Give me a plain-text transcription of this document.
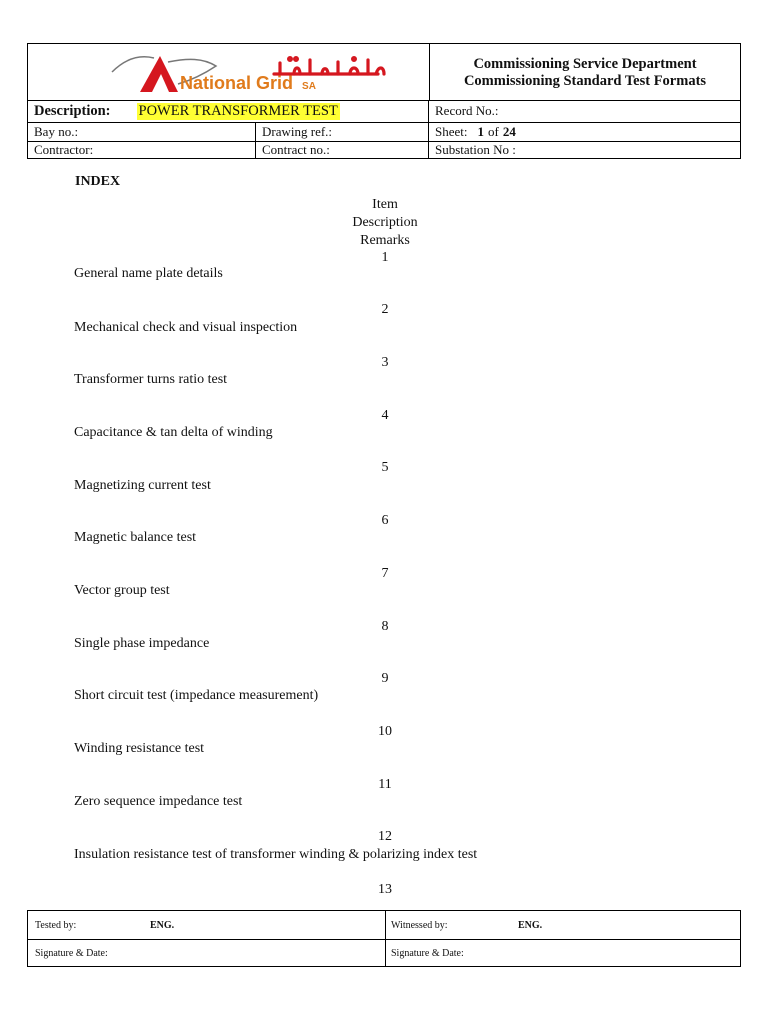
National Grid SA
Commissioning Service Department
Commissioning Standard Test Formats
Description: POWER TRANSFORMER TEST	Record No.:
Bay no.:	Drawing ref.:	Sheet: 1 of 24
Contractor:	Contract no.:	Substation No :
INDEX
Item
Description
Remarks
1
General name plate details
2
Mechanical check and visual inspection
3
Transformer turns ratio test
4
Capacitance & tan delta of winding
5
Magnetizing current test
6
Magnetic balance test
7
Vector group test
8
Single phase impedance
9
Short circuit test (impedance measurement)
10
Winding resistance test
11
Zero sequence impedance test
12
Insulation resistance test of transformer winding & polarizing index test
13
Tested by:	ENG.	Witnessed by:	ENG.
Signature & Date:	Signature & Date:
